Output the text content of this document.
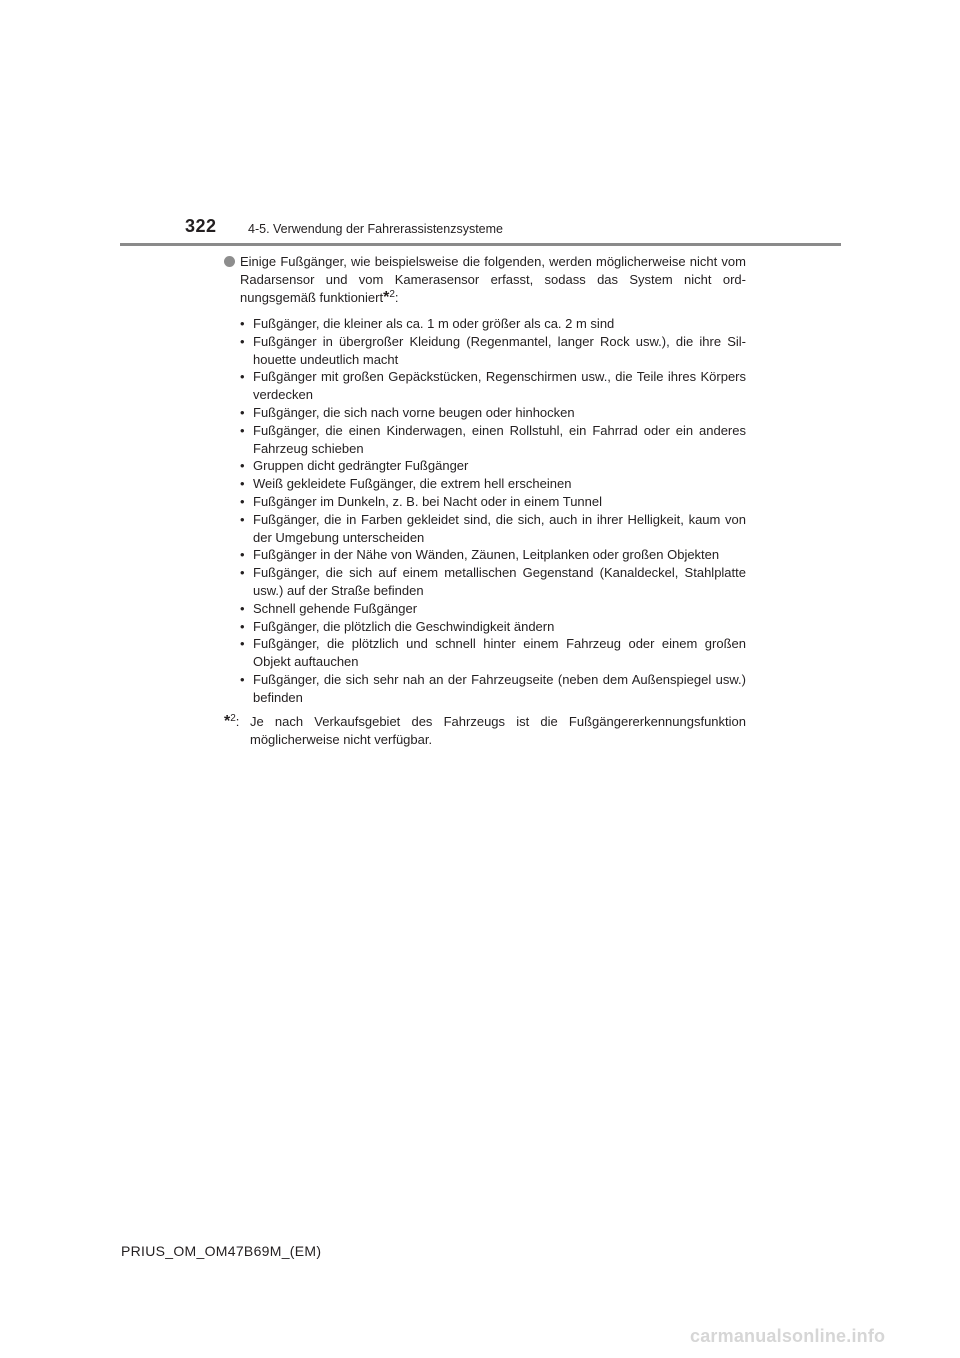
322	4-5. Verwendung der Fahrerassistenzsysteme
Einige Fußgänger, wie beispielsweise die folgenden, werden möglicherweise nicht vom Radarsensor und vom Kamerasensor erfasst, sodass das System nicht ordnungsgemäß funktioniert*$^2$:
• Fußgänger, die kleiner als ca. 1 m oder größer als ca. 2 m sind
• Fußgänger in übergroßer Kleidung (Regenmantel, langer Rock usw.), die ihre Silhouette undeutlich macht
• Fußgänger mit großen Gepäckstücken, Regenschirmen usw., die Teile ihres Körpers verdecken
• Fußgänger, die sich nach vorne beugen oder hinhocken
• Fußgänger, die einen Kinderwagen, einen Rollstuhl, ein Fahrrad oder ein anderes Fahrzeug schieben
• Gruppen dicht gedrängter Fußgänger
• Weiß gekleidete Fußgänger, die extrem hell erscheinen
• Fußgänger im Dunkeln, z. B. bei Nacht oder in einem Tunnel
• Fußgänger, die in Farben gekleidet sind, die sich, auch in ihrer Helligkeit, kaum von der Umgebung unterscheiden
• Fußgänger in der Nähe von Wänden, Zäunen, Leitplanken oder großen Objekten
• Fußgänger, die sich auf einem metallischen Gegenstand (Kanaldeckel, Stahlplatte usw.) auf der Straße befinden
• Schnell gehende Fußgänger
• Fußgänger, die plötzlich die Geschwindigkeit ändern
• Fußgänger, die plötzlich und schnell hinter einem Fahrzeug oder einem großen Objekt auftauchen
• Fußgänger, die sich sehr nah an der Fahrzeugseite (neben dem Außenspiegel usw.) befinden
*$^2$: Je nach Verkaufsgebiet des Fahrzeugs ist die Fußgängererkennungsfunktion möglicherweise nicht verfügbar.
PRIUS_OM_OM47B69M_(EM)
carmanualsonline.info
